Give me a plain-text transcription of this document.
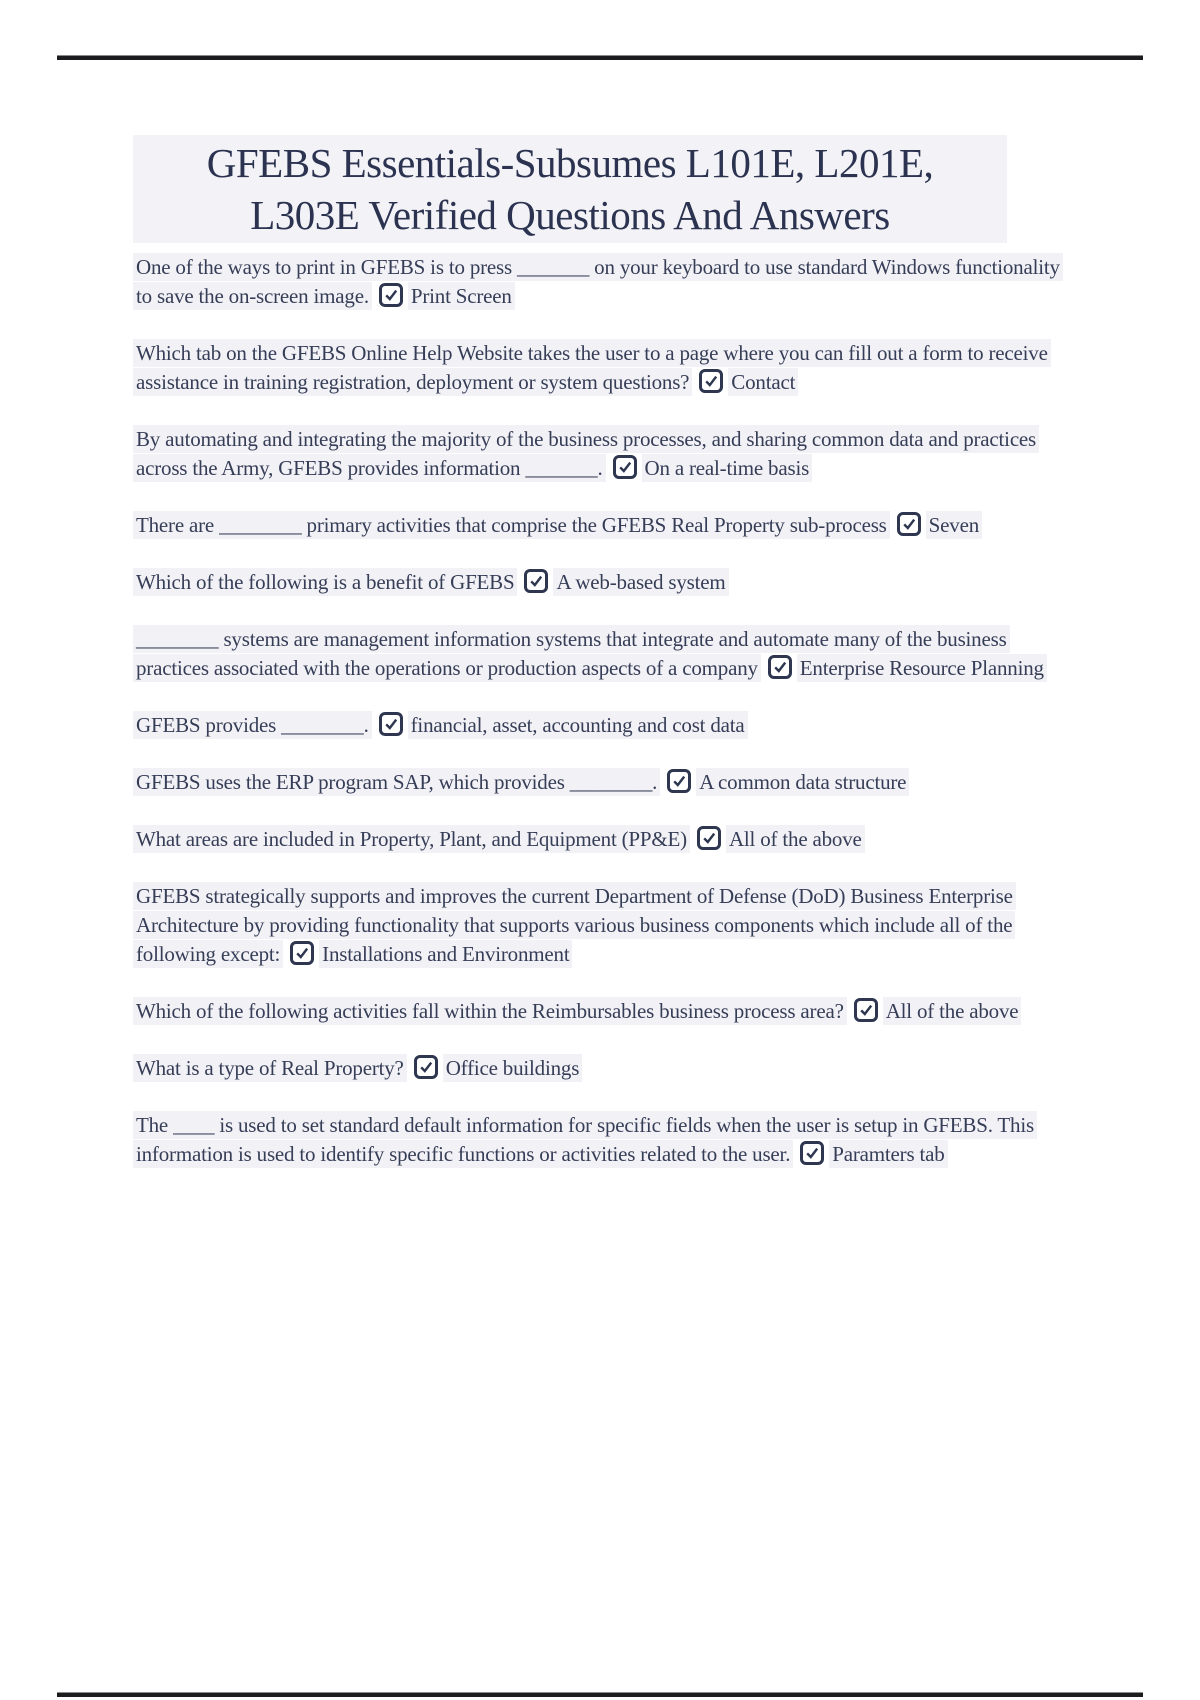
GFEBS Essentials-Subsumes L101E, L201E,
L303E Verified Questions And Answers

One of the ways to print in GFEBS is to press _______ on your keyboard to use standard Windows functionality to save the on-screen image. Print Screen

Which tab on the GFEBS Online Help Website takes the user to a page where you can fill out a form to receive assistance in training registration, deployment or system questions? Contact

By automating and integrating the majority of the business processes, and sharing common data and practices across the Army, GFEBS provides information _______. On a real-time basis

There are ________ primary activities that comprise the GFEBS Real Property sub-process Seven

Which of the following is a benefit of GFEBS A web-based system

________ systems are management information systems that integrate and automate many of the business practices associated with the operations or production aspects of a company Enterprise Resource Planning

GFEBS provides ________. financial, asset, accounting and cost data

GFEBS uses the ERP program SAP, which provides ________. A common data structure

What areas are included in Property, Plant, and Equipment (PP&E) All of the above

GFEBS strategically supports and improves the current Department of Defense (DoD) Business Enterprise Architecture by providing functionality that supports various business components which include all of the following except: Installations and Environment

Which of the following activities fall within the Reimbursables business process area? All of the above

What is a type of Real Property? Office buildings

The ____ is used to set standard default information for specific fields when the user is setup in GFEBS. This information is used to identify specific functions or activities related to the user. Paramters tab
